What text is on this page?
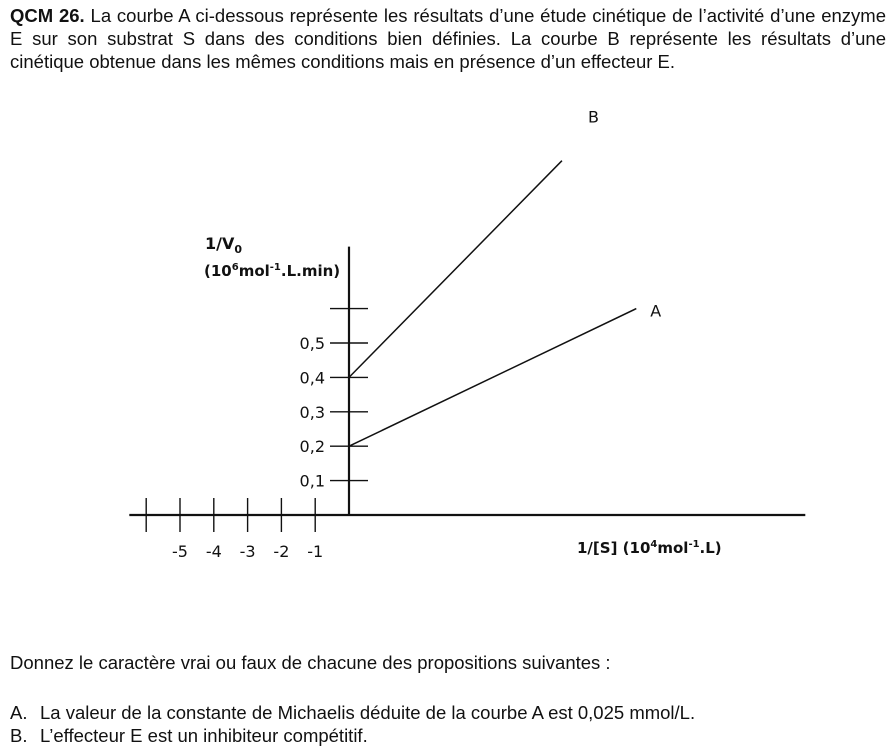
QCM 26. La courbe A ci-dessous représente les résultats d’une étude cinétique de l’activité d’une enzyme E sur son substrat S dans des conditions bien définies. La courbe B représente les résultats d’une cinétique obtenue dans les mêmes conditions mais en présence d’un effecteur E.

0,1
0,2
0,3
0,4
0,5
-5 -4 -3 -2 -1
A
B
$1/V_0$
$(10^6mol^{-1}.L.\min)$
1/[S] $(10^4mol^{-1}.L)$

Donnez le caractère vrai ou faux de chacune des propositions suivantes :

A. La valeur de la constante de Michaelis déduite de la courbe A est 0,025 mmol/L.

B. L’effecteur E est un inhibiteur compétitif.
